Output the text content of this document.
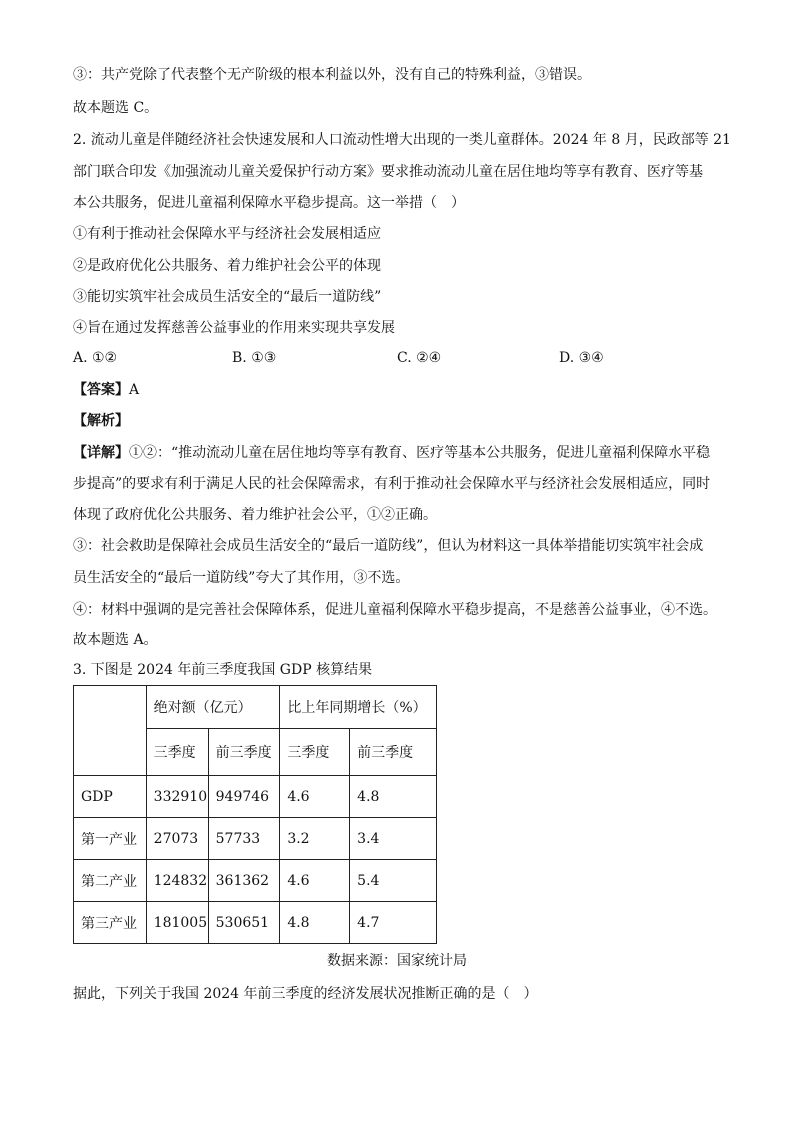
③：共产党除了代表整个无产阶级的根本利益以外，没有自己的特殊利益，③错误。
故本题选 C。
2. 流动儿童是伴随经济社会快速发展和人口流动性增大出现的一类儿童群体。2024 年 8 月，民政部等 21
部门联合印发《加强流动儿童关爱保护行动方案》要求推动流动儿童在居住地均等享有教育、医疗等基
本公共服务，促进儿童福利保障水平稳步提高。这一举措（　）
①有利于推动社会保障水平与经济社会发展相适应
②是政府优化公共服务、着力维护社会公平的体现
③能切实筑牢社会成员生活安全的“最后一道防线”
④旨在通过发挥慈善公益事业的作用来实现共享发展
A. ①②	B. ①③	C. ②④	D. ③④
【答案】A
【解析】
【详解】①②：“推动流动儿童在居住地均等享有教育、医疗等基本公共服务，促进儿童福利保障水平稳
步提高”的要求有利于满足人民的社会保障需求，有利于推动社会保障水平与经济社会发展相适应，同时
体现了政府优化公共服务、着力维护社会公平，①②正确。
③：社会救助是保障社会成员生活安全的“最后一道防线”，但认为材料这一具体举措能切实筑牢社会成
员生活安全的“最后一道防线”夸大了其作用，③不选。
④：材料中强调的是完善社会保障体系，促进儿童福利保障水平稳步提高，不是慈善公益事业，④不选。
故本题选 A。
3. 下图是 2024 年前三季度我国 GDP 核算结果
	绝对额（亿元）		比上年同期增长（%）	
	三季度	前三季度	三季度	前三季度
GDP	332910	949746	4.6	4.8
第一产业	27073	57733	3.2	3.4
第二产业	124832	361362	4.6	5.4
第三产业	181005	530651	4.8	4.7
数据来源：国家统计局
据此，下列关于我国 2024 年前三季度的经济发展状况推断正确的是（　）
